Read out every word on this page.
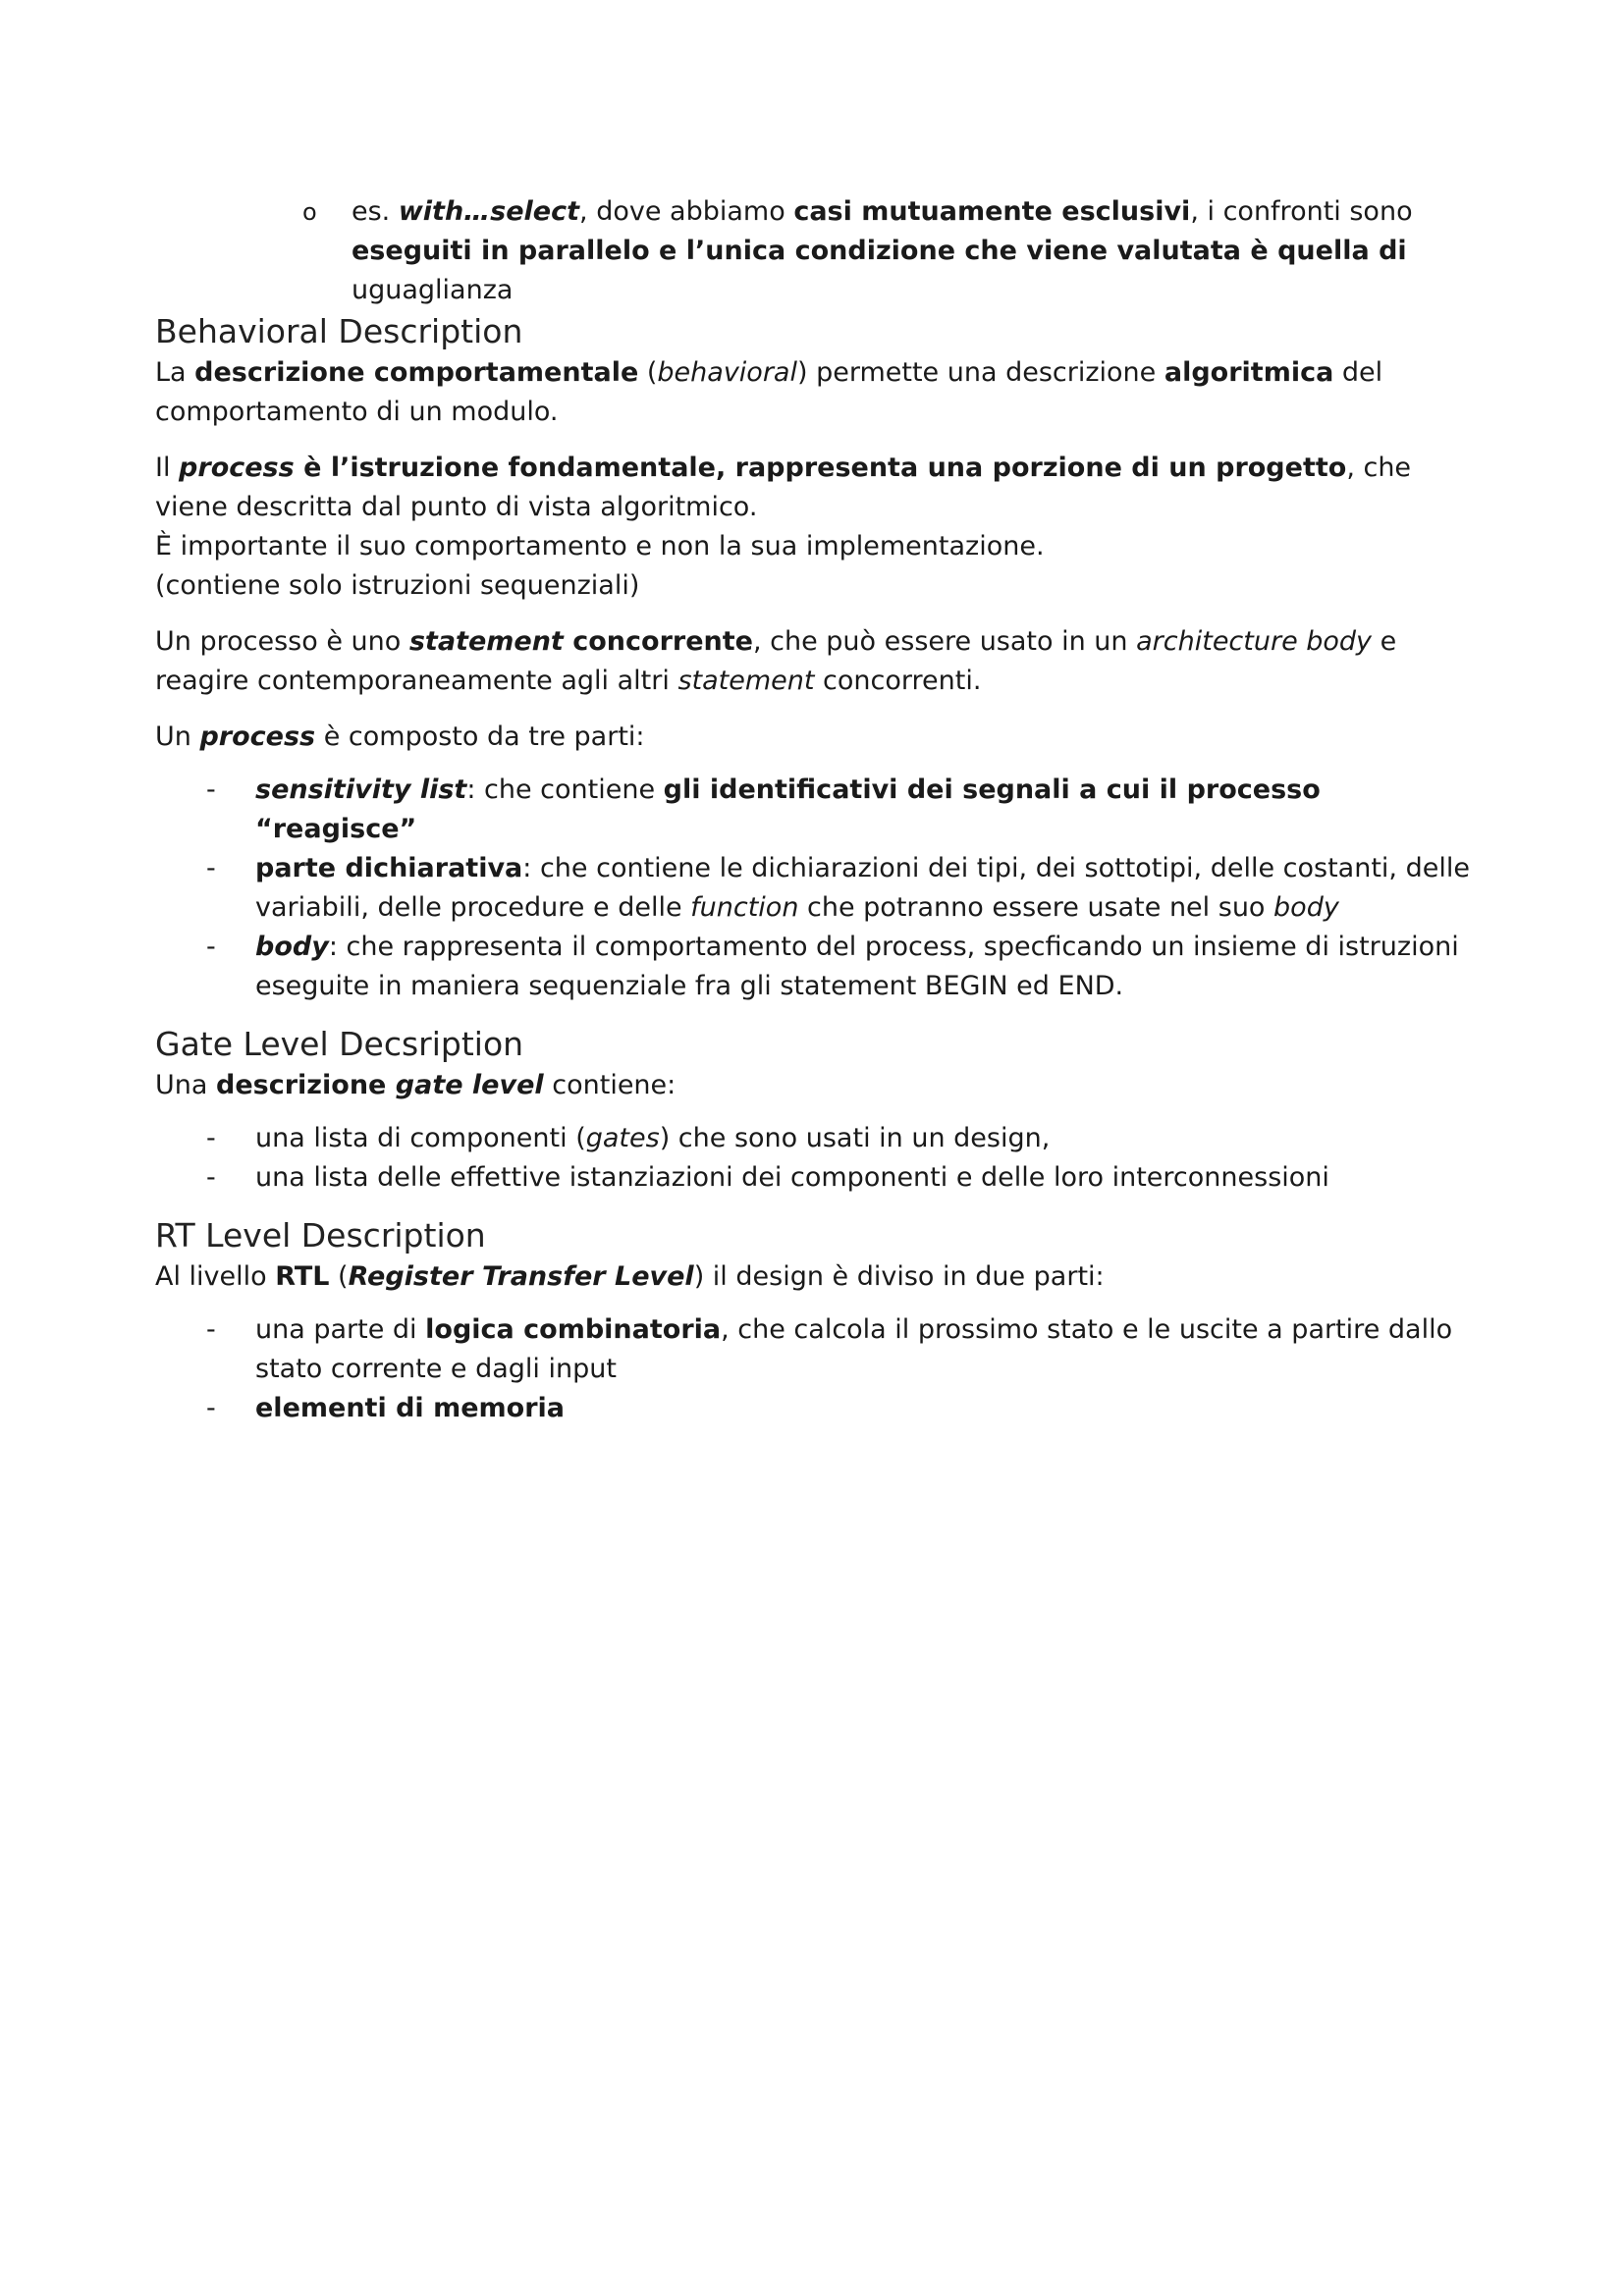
o es. with…select, dove abbiamo casi mutuamente esclusivi, i confronti sono eseguiti in parallelo e l’unica condizione che viene valutata è quella di uguaglianza
Behavioral Description

La descrizione comportamentale (behavioral) permette una descrizione algoritmica del comportamento di un modulo.

Il process è l’istruzione fondamentale, rappresenta una porzione di un progetto, che viene descritta dal punto di vista algoritmico.
È importante il suo comportamento e non la sua implementazione.
(contiene solo istruzioni sequenziali)

Un processo è uno statement concorrente, che può essere usato in un architecture body e reagire contemporaneamente agli altri statement concorrenti.

Un process è composto da tre parti:

- sensitivity list: che contiene gli identificativi dei segnali a cui il processo “reagisce”
- parte dichiarativa: che contiene le dichiarazioni dei tipi, dei sottotipi, delle costanti, delle variabili, delle procedure e delle function che potranno essere usate nel suo body
- body: che rappresenta il comportamento del process, specficando un insieme di istruzioni eseguite in maniera sequenziale fra gli statement BEGIN ed END.
Gate Level Decsription

Una descrizione gate level contiene:

- una lista di componenti (gates) che sono usati in un design,
- una lista delle effettive istanziazioni dei componenti e delle loro interconnessioni
RT Level Description

Al livello RTL (Register Transfer Level) il design è diviso in due parti:

- una parte di logica combinatoria, che calcola il prossimo stato e le uscite a partire dallo stato corrente e dagli input
- elementi di memoria
